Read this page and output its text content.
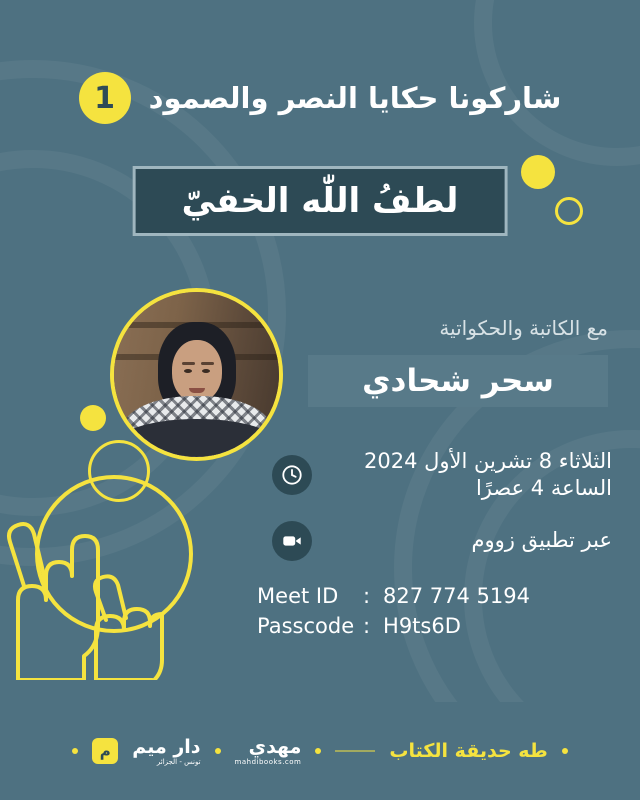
شاركونا حكايا النصر والصمود
1
لطفُ اللّٰه الخفيّ
مع الكاتبة والحكواتية
سحر شحادي
الثلاثاء 8 تشرين الأول 2024
الساعة 4 عصرًا
عبر تطبيق زووم
Meet ID	: 827 774 5194
Passcode : H9ts6D
طه حديقة الكتاب
مهدي
mahdibooks.com
دار ميم
تونس - الجزائر
م
